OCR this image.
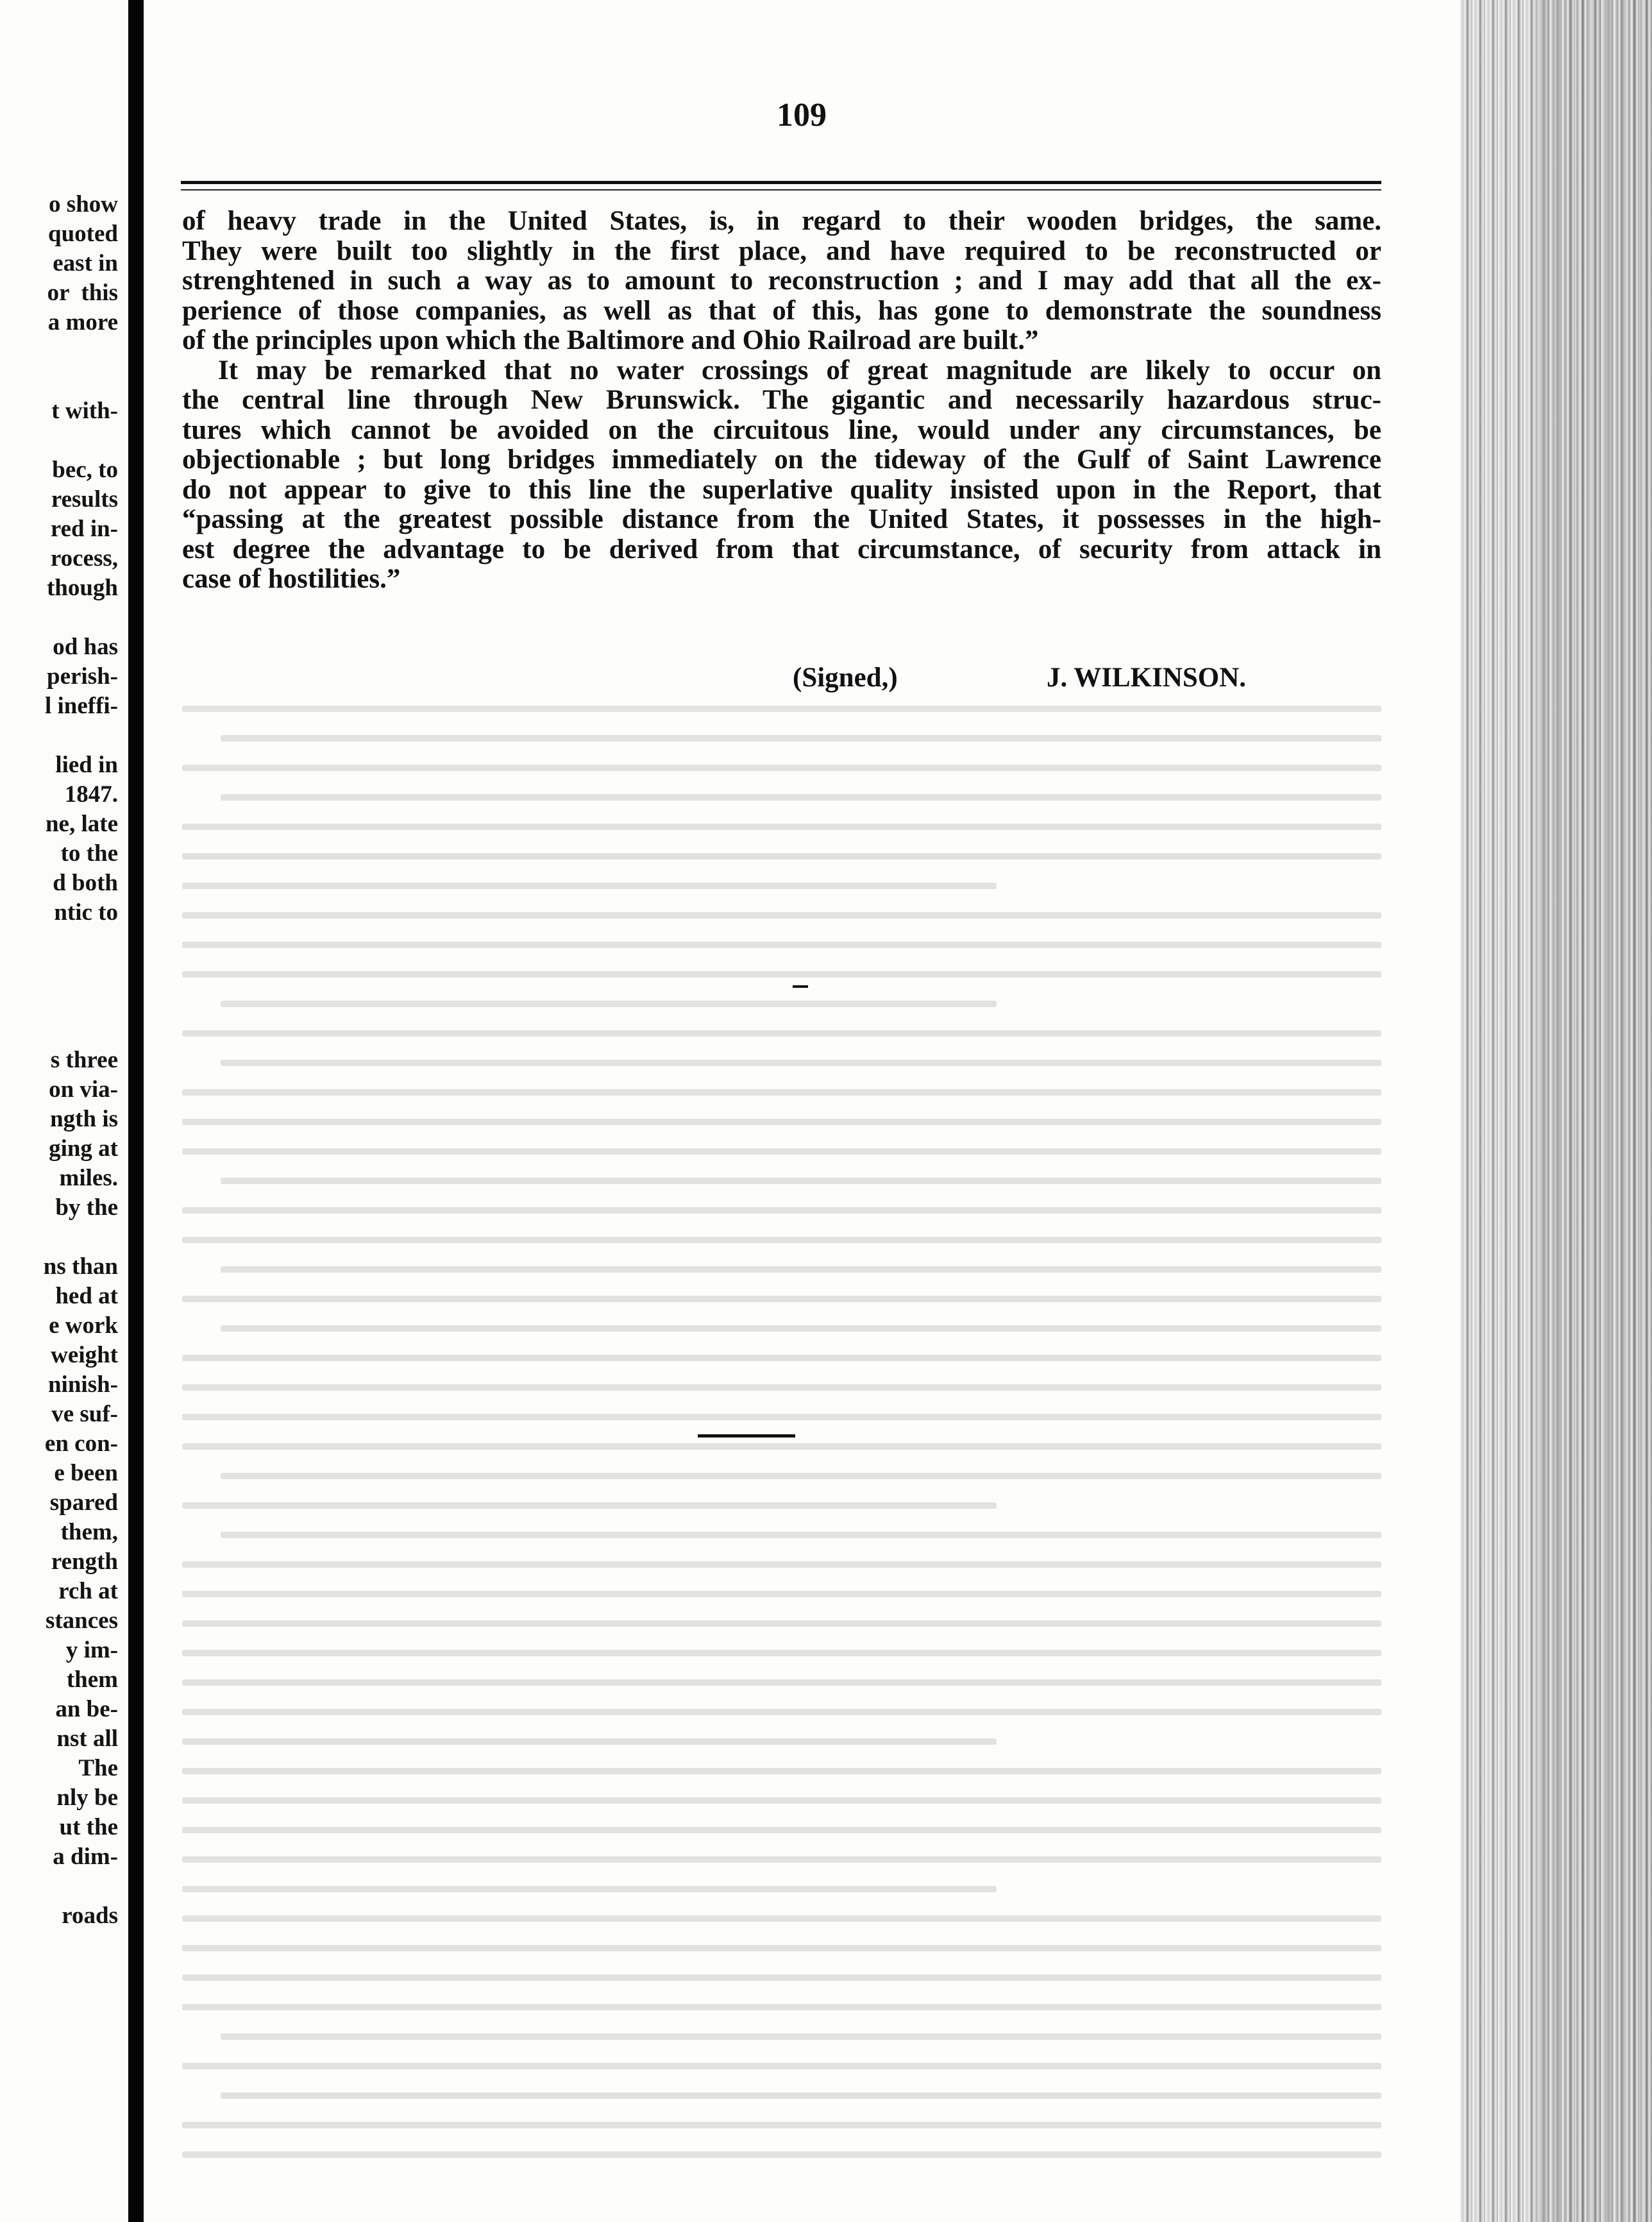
o show
quoted
east in
or  this
a more
t with-
bec, to
results
red in-
rocess,
though
od has
perish-
l ineffi-
lied in
1847.
ne, late
to the
d both
ntic to
s three
on via-
ngth is
ging at
miles.
by the
ns than
hed at
e work
weight
ninish-
ve suf-
en con-
e been
spared
them,
rength
rch at
stances
y im-
them
an be-
nst all
The
nly be
ut the
a dim-
roads
109

of heavy trade in the United States, is, in regard to their wooden bridges, the same.

They were built too slightly in the first place, and have required to be reconstructed or

strenghtened in such a way as to amount to reconstruction ; and I may add that all the ex-

perience of those companies, as well as that of this, has gone to demonstrate the soundness

of the principles upon which the Baltimore and Ohio Railroad are built.”

It may be remarked that no water crossings of great magnitude are likely to occur on

the central line through New Brunswick. The gigantic and necessarily hazardous struc-

tures which cannot be avoided on the circuitous line, would under any circumstances, be

objectionable ; but long bridges immediately on the tideway of the Gulf of Saint Lawrence

do not appear to give to this line the superlative quality insisted upon in the Report, that

“passing at the greatest possible distance from the United States, it possesses in the high-

est degree the advantage to be derived from that circumstance, of security from attack in

case of hostilities.”

(Signed,)	J. WILKINSON.
